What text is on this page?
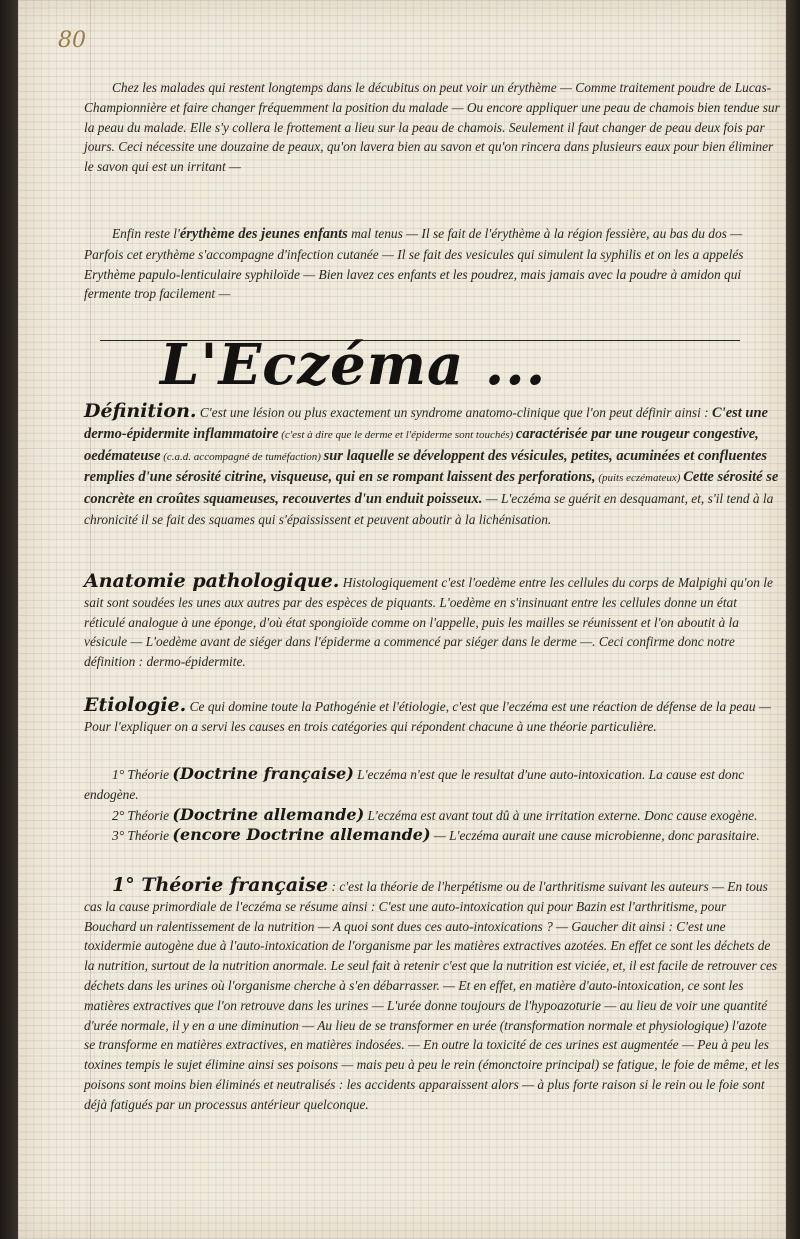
80

Chez les malades qui restent longtemps dans le décubitus on peut voir un érythème — Comme traitement poudre de Lucas-Championnière et faire changer fréquemment la position du malade — Ou encore appliquer une peau de chamois bien tendue sur la peau du malade. Elle s'y collera le frottement a lieu sur la peau de chamois. Seulement il faut changer de peau deux fois par jours. Ceci nécessite une douzaine de peaux, qu'on lavera bien au savon et qu'on rincera dans plusieurs eaux pour bien éliminer le savon qui est un irritant —

Enfin reste l'érythème des jeunes enfants mal tenus — Il se fait de l'érythème à la région fessière, au bas du dos — Parfois cet erythème s'accompagne d'infection cutanée — Il se fait des vesicules qui simulent la syphilis et on les a appelés Erythème papulo-lenticulaire syphiloïde — Bien lavez ces enfants et les poudrez, mais jamais avec la poudre à amidon qui fermente trop facilement —

L'Eczéma ...

Définition. C'est une lésion ou plus exactement un syndrome anatomo-clinique que l'on peut définir ainsi : C'est une dermo-épidermite inflammatoire (c'est à dire que le derme et l'épiderme sont touchés) caractérisée par une rougeur congestive, oedémateuse (c.a.d. accompagné de tuméfaction) sur laquelle se développent des vésicules, petites, acuminées et confluentes remplies d'une sérosité citrine, visqueuse, qui en se rompant laissent des perforations, (puits eczémateux) Cette sérosité se concrète en croûtes squameuses, recouvertes d'un enduit poisseux. — L'eczéma se guérit en desquamant, et, s'il tend à la chronicité il se fait des squames qui s'épaississent et peuvent aboutir à la lichénisation.

Anatomie pathologique. Histologiquement c'est l'oedème entre les cellules du corps de Malpighi qu'on le sait sont soudées les unes aux autres par des espèces de piquants. L'oedème en s'insinuant entre les cellules donne un état réticulé analogue à une éponge, d'où état spongioïde comme on l'appelle, puis les mailles se réunissent et l'on aboutit à la vésicule — L'oedème avant de siéger dans l'épiderme a commencé par siéger dans le derme —. Ceci confirme donc notre définition : dermo-épidermite.

Etiologie. Ce qui domine toute la Pathogénie et l'étiologie, c'est que l'eczéma est une réaction de défense de la peau — Pour l'expliquer on a servi les causes en trois catégories qui répondent chacune à une théorie particulière.

1° Théorie (Doctrine française) L'eczéma n'est que le resultat d'une auto-intoxication. La cause est donc endogène.

2° Théorie (Doctrine allemande) L'eczéma est avant tout dû à une irritation externe. Donc cause exogène.

3° Théorie (encore Doctrine allemande) — L'eczéma aurait une cause microbienne, donc parasitaire.

1° Théorie française : c'est la théorie de l'herpétisme ou de l'arthritisme suivant les auteurs — En tous cas la cause primordiale de l'eczéma se résume ainsi : C'est une auto-intoxication qui pour Bazin est l'arthritisme, pour Bouchard un ralentissement de la nutrition — A quoi sont dues ces auto-intoxications ? — Gaucher dit ainsi : C'est une toxidermie autogène due à l'auto-intoxication de l'organisme par les matières extractives azotées. En effet ce sont les déchets de la nutrition, surtout de la nutrition anormale. Le seul fait à retenir c'est que la nutrition est viciée, et, il est facile de retrouver ces déchets dans les urines où l'organisme cherche à s'en débarrasser. — Et en effet, en matière d'auto-intoxication, ce sont les matières extractives que l'on retrouve dans les urines — L'urée donne toujours de l'hypoazoturie — au lieu de voir une quantité d'urée normale, il y en a une diminution — Au lieu de se transformer en urée (transformation normale et physiologique) l'azote se transforme en matières extractives, en matières indosées. — En outre la toxicité de ces urines est augmentée — Peu à peu les toxines tempis le sujet élimine ainsi ses poisons — mais peu à peu le rein (émonctoire principal) se fatigue, le foie de même, et les poisons sont moins bien éliminés et neutralisés : les accidents apparaissent alors — à plus forte raison si le rein ou le foie sont déjà fatigués par un processus antérieur quelconque.
